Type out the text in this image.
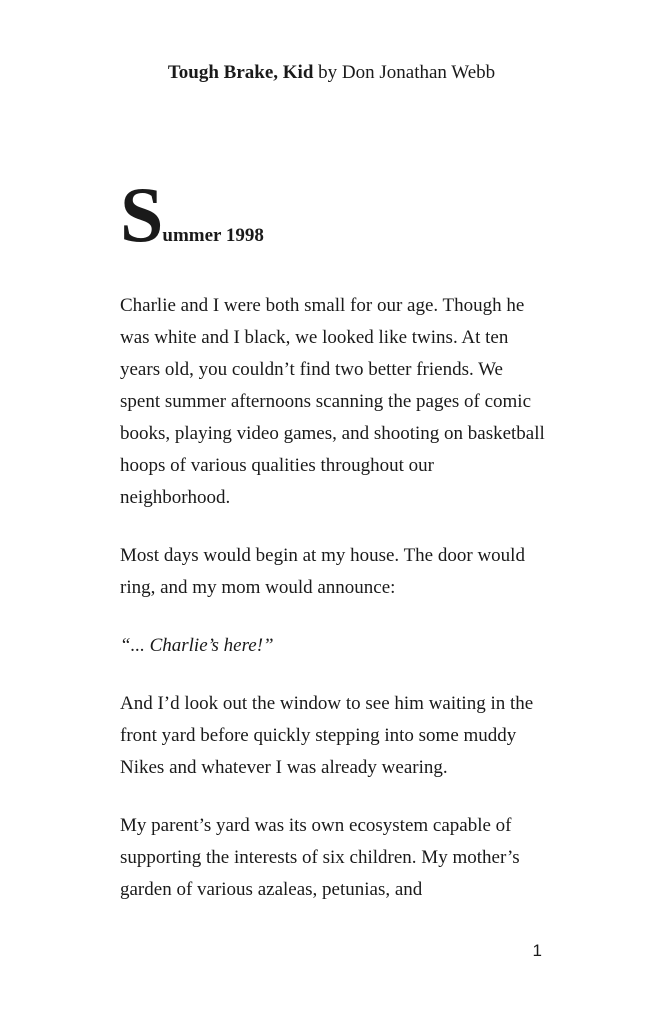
Tough Brake, Kid by Don Jonathan Webb
Summer 1998

Charlie and I were both small for our age. Though he was white and I black, we looked like twins. At ten years old, you couldn’t find two better friends. We spent summer afternoons scanning the pages of comic books, playing video games, and shooting on basketball hoops of various qualities throughout our neighborhood.

Most days would begin at my house. The door would ring, and my mom would announce:

“... Charlie’s here!”

And I’d look out the window to see him waiting in the front yard before quickly stepping into some muddy Nikes and whatever I was already wearing.

My parent’s yard was its own ecosystem capable of supporting the interests of six children. My mother’s garden of various azaleas, petunias, and

1
